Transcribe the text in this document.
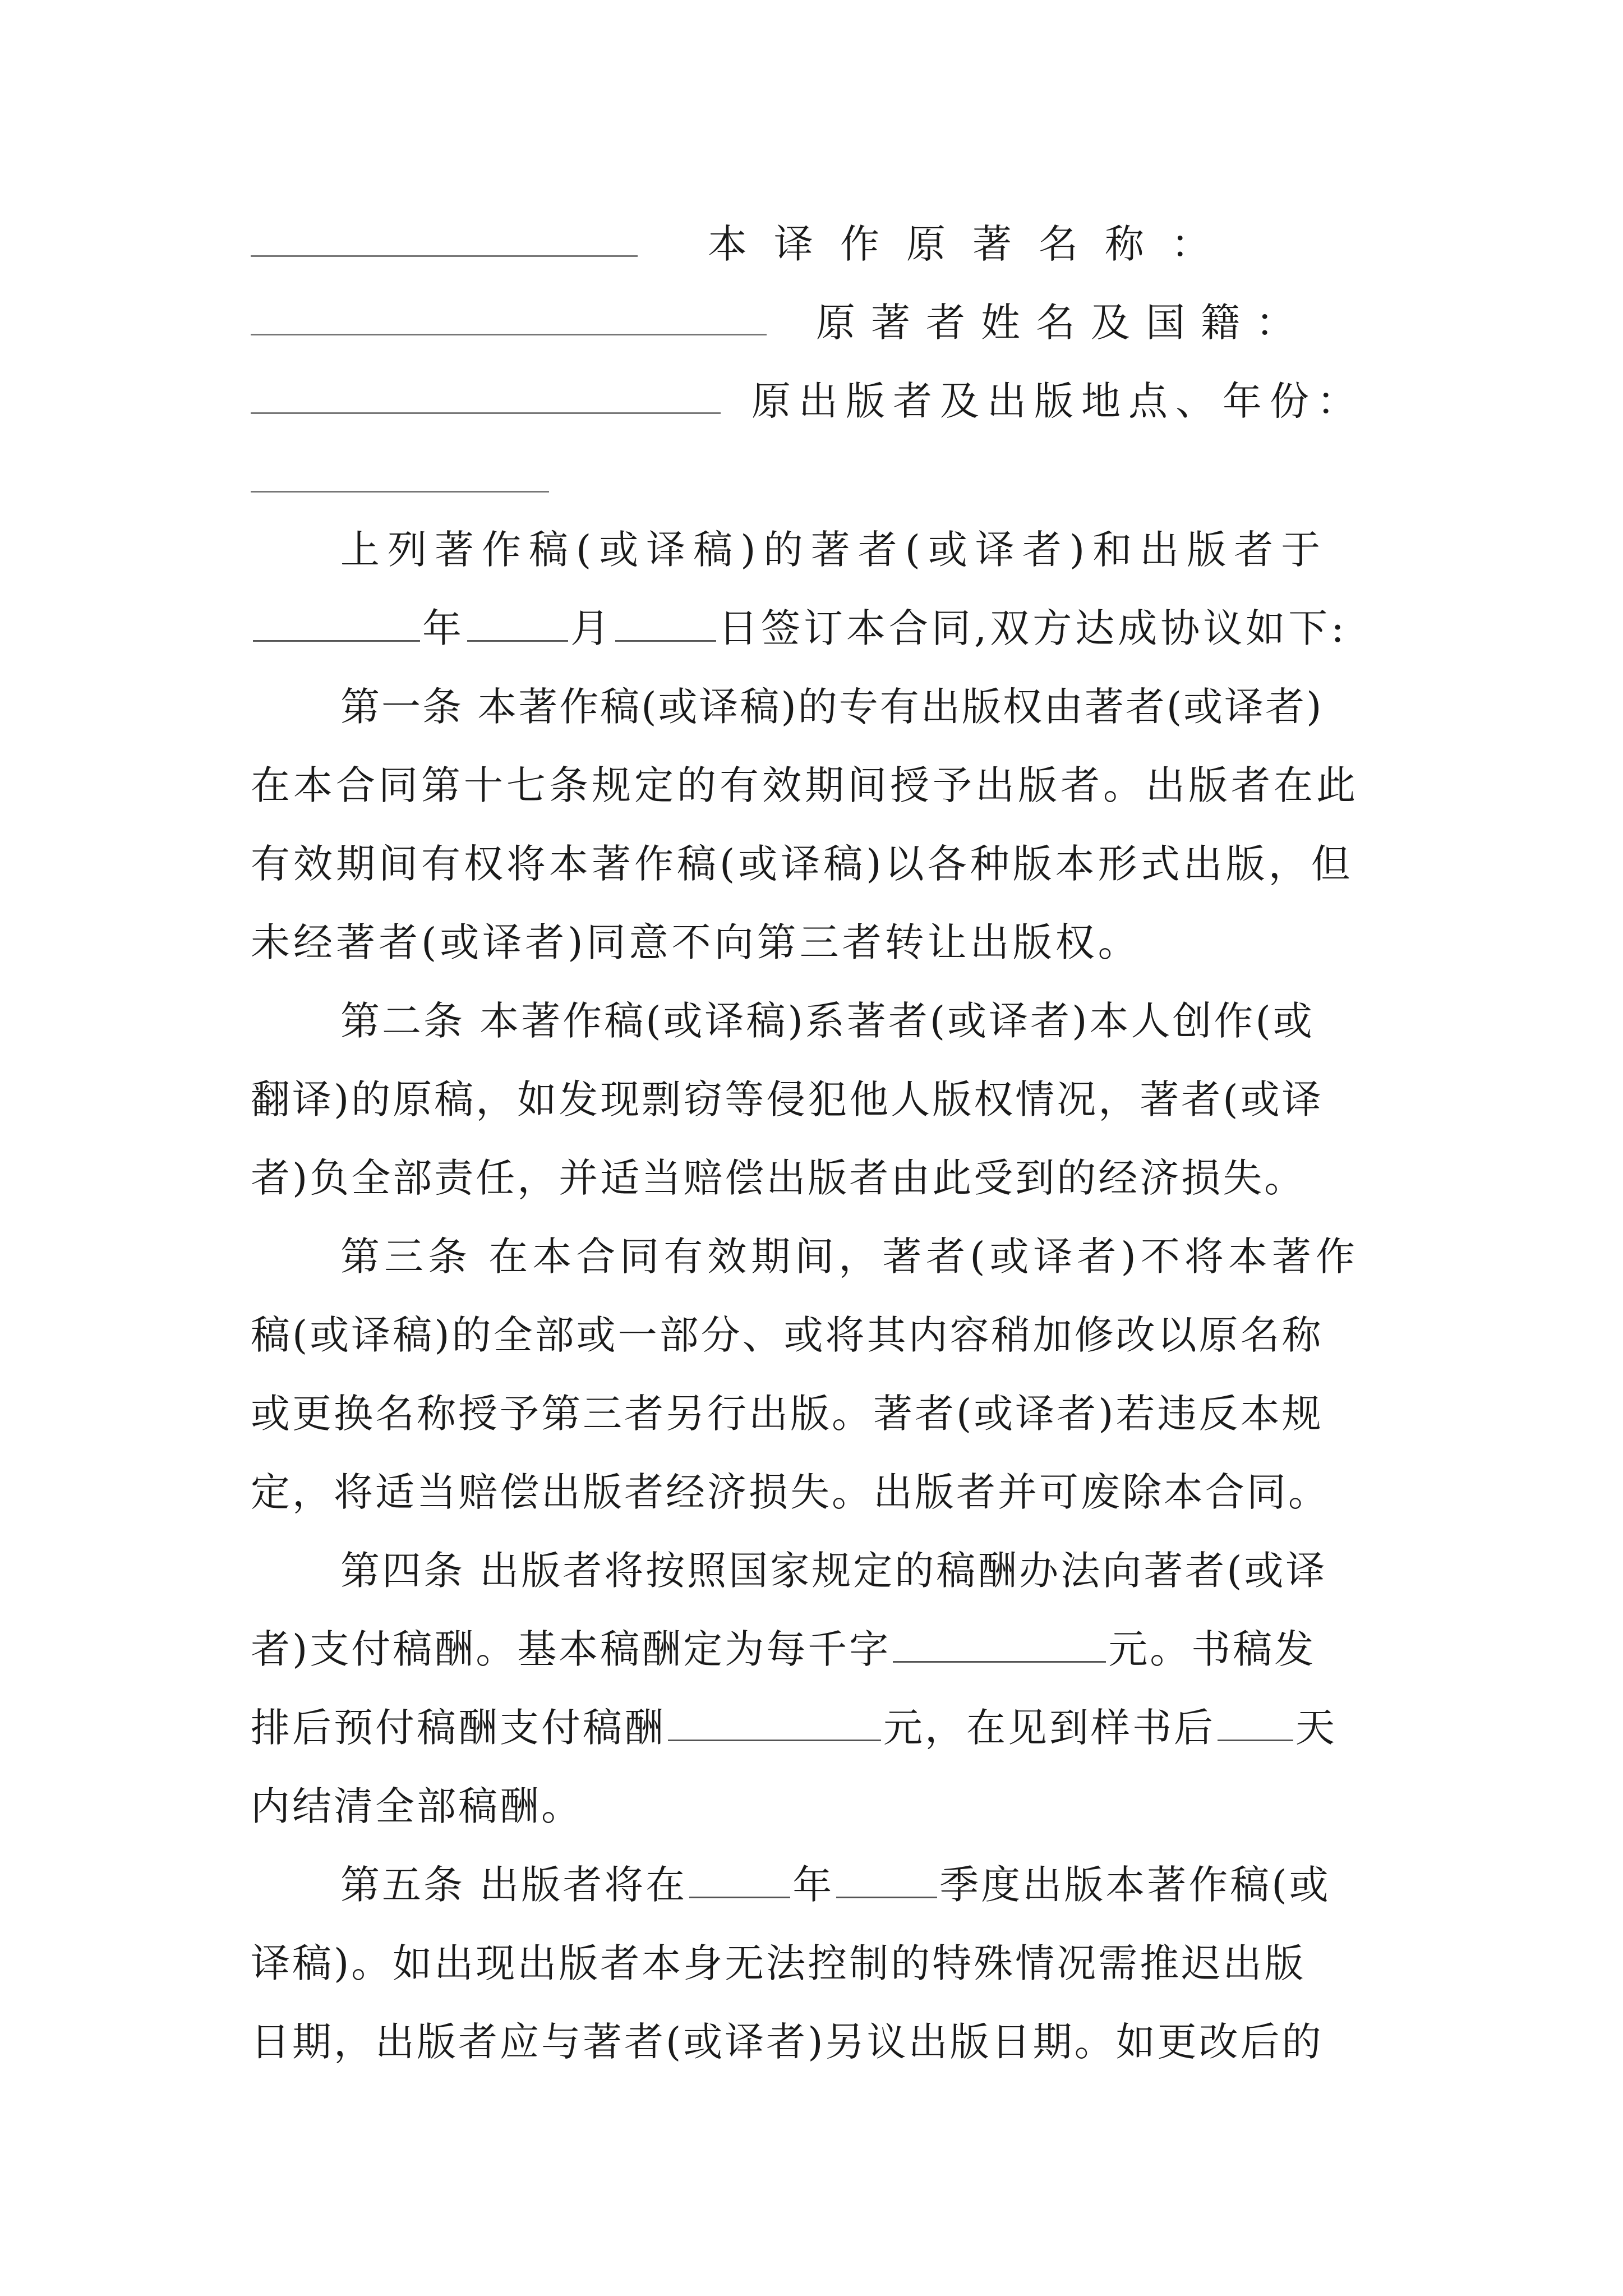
本译作原著名称：
原著者姓名及国籍：
原出版者及出版地点、年份：
上列著作稿(或译稿)的著者(或译者)和出版者于
年	月	日签订本合同,双方达成协议如下:
第一条 本著作稿(或译稿)的专有出版权由著者(或译者)
在本合同第十七条规定的有效期间授予出版者。出版者在此
有效期间有权将本著作稿(或译稿)以各种版本形式出版，但
未经著者(或译者)同意不向第三者转让出版权。
第二条 本著作稿(或译稿)系著者(或译者)本人创作(或
翻译)的原稿，如发现剽窃等侵犯他人版权情况，著者(或译
者)负全部责任，并适当赔偿出版者由此受到的经济损失。
第三条 在本合同有效期间，著者(或译者)不将本著作
稿(或译稿)的全部或一部分、或将其内容稍加修改以原名称
或更换名称授予第三者另行出版。著者(或译者)若违反本规
定，将适当赔偿出版者经济损失。出版者并可废除本合同。
第四条 出版者将按照国家规定的稿酬办法向著者(或译
者)支付稿酬。基本稿酬定为每千字	元。书稿发
排后预付稿酬支付稿酬	元，在见到样书后 天
内结清全部稿酬。
第五条 出版者将在	年	季度出版本著作稿(或
译稿)。如出现出版者本身无法控制的特殊情况需推迟出版
日期，出版者应与著者(或译者)另议出版日期。如更改后的
